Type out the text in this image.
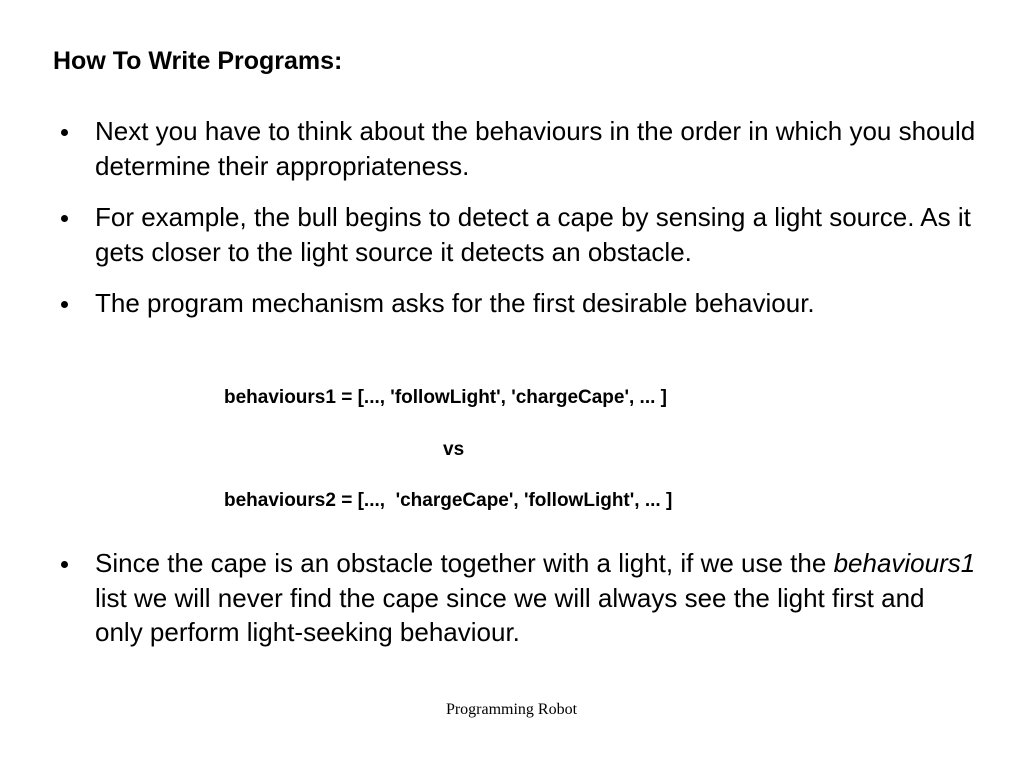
How To Write Programs:
Next you have to think about the behaviours in the order in which you should determine their appropriateness.
For example, the bull begins to detect a cape by sensing a light source. As it gets closer to the light source it detects an obstacle.
The program mechanism asks for the first desirable behaviour.

behaviours1 = [..., 'followLight', 'chargeCape', ... ]

vs

behaviours2 = [...,  'chargeCape', 'followLight', ... ]

Since the cape is an obstacle together with a light, if we use the behaviours1 list we will never find the cape since we will always see the light first and only perform light-seeking behaviour.
Programming Robot
